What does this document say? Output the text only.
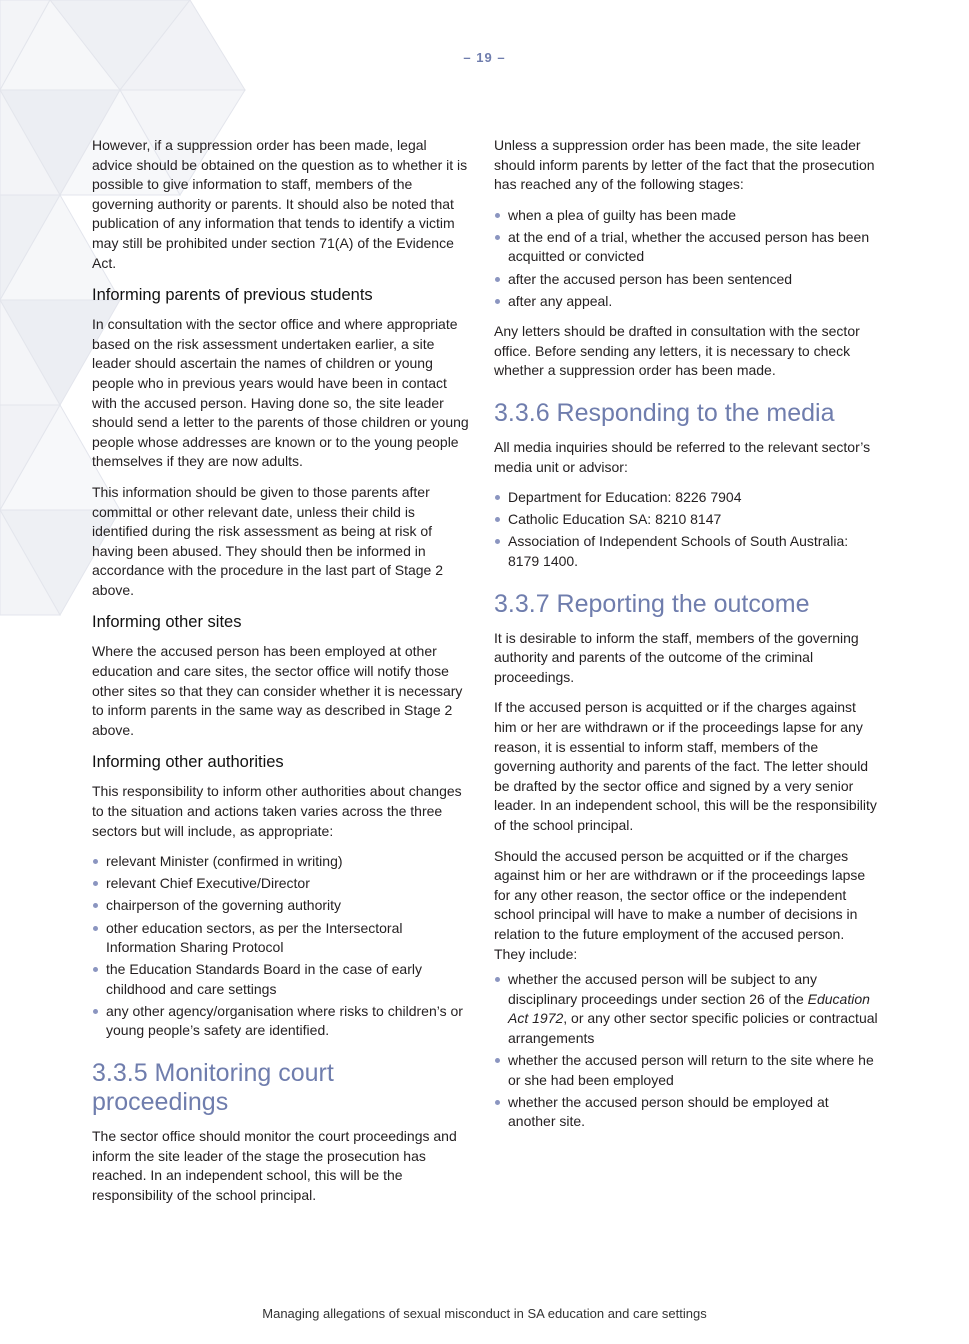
– 19 –

However, if a suppression order has been made, legal advice should be obtained on the question as to whether it is possible to give information to staff, members of the governing authority or parents. It should also be noted that publication of any information that tends to identify a victim may still be prohibited under section 71(A) of the Evidence Act.

Informing parents of previous students

In consultation with the sector office and where appropriate based on the risk assessment undertaken earlier, a site leader should ascertain the names of children or young people who in previous years would have been in contact with the accused person. Having done so, the site leader should send a letter to the parents of those children or young people whose addresses are known or to the young people themselves if they are now adults.

This information should be given to those parents after committal or other relevant date, unless their child is identified during the risk assessment as being at risk of having been abused. They should then be informed in accordance with the procedure in the last part of Stage 2 above.

Informing other sites

Where the accused person has been employed at other education and care sites, the sector office will notify those other sites so that they can consider whether it is necessary to inform parents in the same way as described in Stage 2 above.

Informing other authorities

This responsibility to inform other authorities about changes to the situation and actions taken varies across the three sectors but will include, as appropriate:

relevant Minister (confirmed in writing)
relevant Chief Executive/Director
chairperson of the governing authority
other education sectors, as per the Intersectoral Information Sharing Protocol
the Education Standards Board in the case of early childhood and care settings
any other agency/organisation where risks to children’s or young people’s safety are identified.
3.3.5 Monitoring court proceedings

The sector office should monitor the court proceedings and inform the site leader of the stage the prosecution has reached. In an independent school, this will be the responsibility of the school principal.

Unless a suppression order has been made, the site leader should inform parents by letter of the fact that the prosecution has reached any of the following stages:

when a plea of guilty has been made
at the end of a trial, whether the accused person has been acquitted or convicted
after the accused person has been sentenced
after any appeal.

Any letters should be drafted in consultation with the sector office. Before sending any letters, it is necessary to check whether a suppression order has been made.

3.3.6 Responding to the media

All media inquiries should be referred to the relevant sector’s media unit or advisor:

Department for Education: 8226 7904
Catholic Education SA: 8210 8147
Association of Independent Schools of South Australia: 8179 1400.
3.3.7 Reporting the outcome

It is desirable to inform the staff, members of the governing authority and parents of the outcome of the criminal proceedings.

If the accused person is acquitted or if the charges against him or her are withdrawn or if the proceedings lapse for any reason, it is essential to inform staff, members of the governing authority and parents of the fact. The letter should be drafted by the sector office and signed by a very senior leader. In an independent school, this will be the responsibility of the school principal.

Should the accused person be acquitted or if the charges against him or her are withdrawn or if the proceedings lapse for any other reason, the sector office or the independent school principal will have to make a number of decisions in relation to the future employment of the accused person. They include:

whether the accused person will be subject to any disciplinary proceedings under section 26 of the Education Act 1972, or any other sector specific policies or contractual arrangements
whether the accused person will return to the site where he or she had been employed
whether the accused person should be employed at another site.
Managing allegations of sexual misconduct in SA education and care settings
